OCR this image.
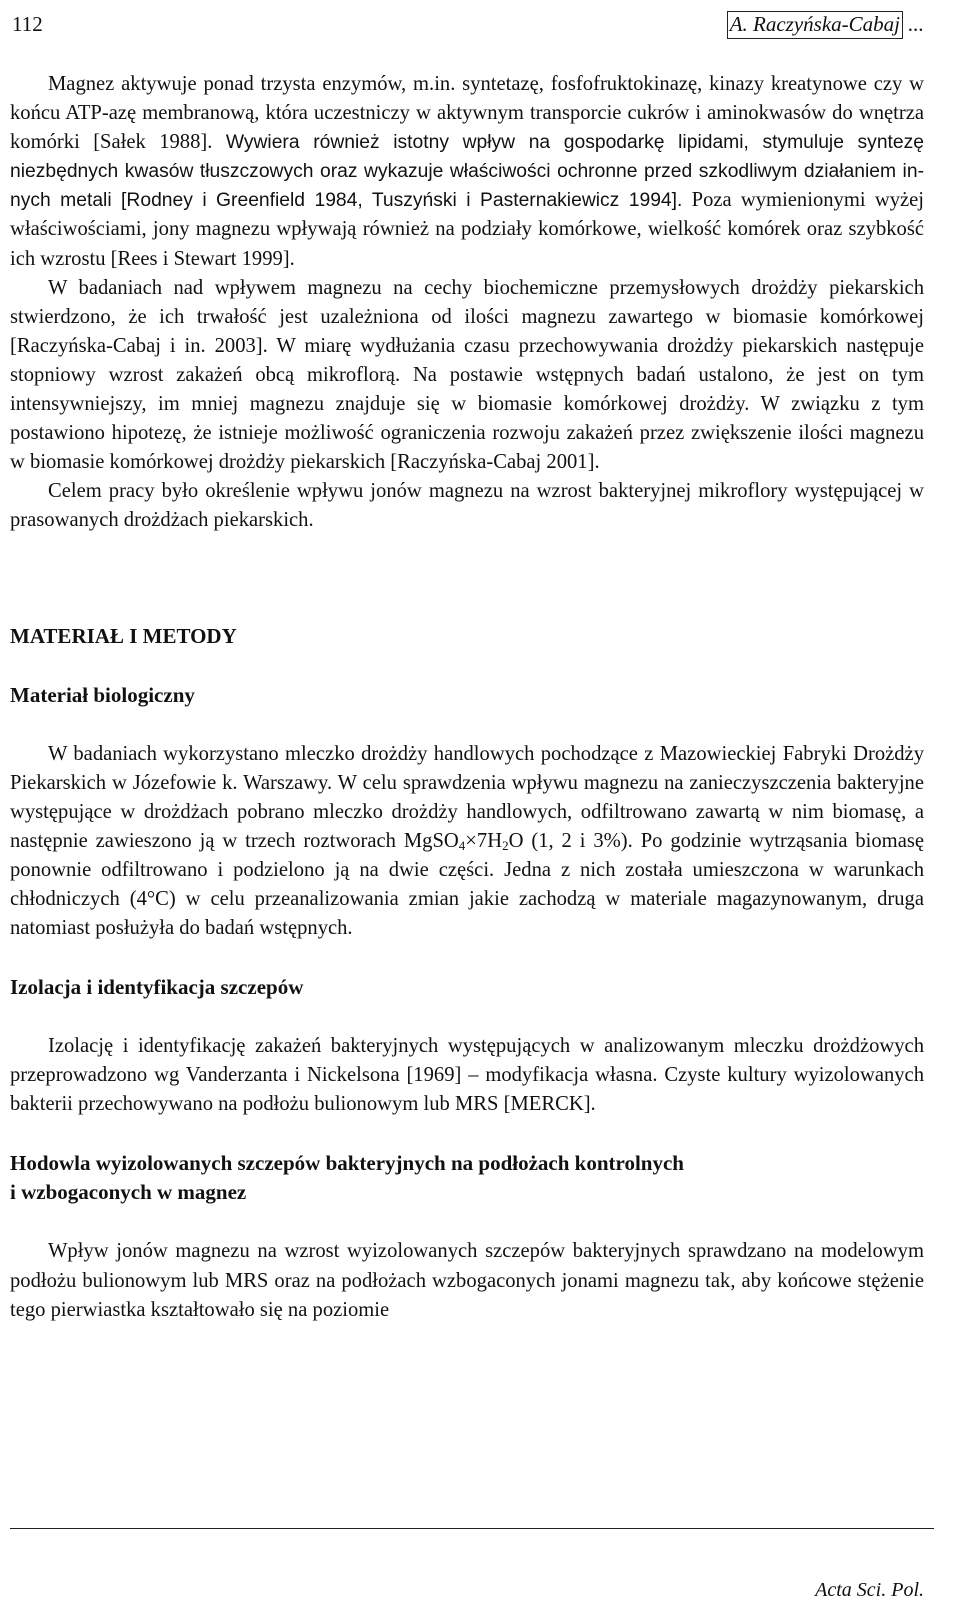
112	A. Raczyńska-Cabaj ...

Magnez aktywuje ponad trzysta enzymów, m.in. syntetazę, fosfofruktokinazę, kinazy kreatynowe czy w końcu ATP-azę membranową, która uczestniczy w aktywnym transporcie cukrów i aminokwasów do wnętrza komórki [Sałek 1988]. Wywiera również istotny wpływ na gospodarkę lipidami, stymuluje syntezę niezbędnych kwasów tłuszczowych oraz wykazuje właściwości ochronne przed szkodliwym działaniem innych metali [Rodney i Greenfield 1984, Tuszyński i Pasternakiewicz 1994]. Poza wymienionymi wyżej właściwościami, jony magnezu wpływają również na podziały komórkowe, wielkość komórek oraz szybkość ich wzrostu [Rees i Stewart 1999].

W badaniach nad wpływem magnezu na cechy biochemiczne przemysłowych drożdży piekarskich stwierdzono, że ich trwałość jest uzależniona od ilości magnezu zawartego w biomasie komórkowej [Raczyńska-Cabaj i in. 2003]. W miarę wydłużania czasu przechowywania drożdży piekarskich następuje stopniowy wzrost zakażeń obcą mikroflorą. Na postawie wstępnych badań ustalono, że jest on tym intensywniejszy, im mniej magnezu znajduje się w biomasie komórkowej drożdży. W związku z tym postawiono hipotezę, że istnieje możliwość ograniczenia rozwoju zakażeń przez zwiększenie ilości magnezu w biomasie komórkowej drożdży piekarskich [Raczyńska-Cabaj 2001].

Celem pracy było określenie wpływu jonów magnezu na wzrost bakteryjnej mikroflory występującej w prasowanych drożdżach piekarskich.

MATERIAŁ I METODY
Materiał biologiczny

W badaniach wykorzystano mleczko drożdży handlowych pochodzące z Mazowieckiej Fabryki Drożdży Piekarskich w Józefowie k. Warszawy. W celu sprawdzenia wpływu magnezu na zanieczyszczenia bakteryjne występujące w drożdżach pobrano mleczko drożdży handlowych, odfiltrowano zawartą w nim biomasę, a następnie zawieszono ją w trzech roztworach $MgSO_4\times 7H_2O$ (1, 2 i 3%). Po godzinie wytrząsania biomasę ponownie odfiltrowano i podzielono ją na dwie części. Jedna z nich została umieszczona w warunkach chłodniczych (4°C) w celu przeanalizowania zmian jakie zachodzą w materiale magazynowanym, druga natomiast posłużyła do badań wstępnych.

Izolacja i identyfikacja szczepów

Izolację i identyfikację zakażeń bakteryjnych występujących w analizowanym mleczku drożdżowych przeprowadzono wg Vanderzanta i Nickelsona [1969] – modyfikacja własna. Czyste kultury wyizolowanych bakterii przechowywano na podłożu bulionowym lub MRS [MERCK].

Hodowla wyizolowanych szczepów bakteryjnych na podłożach kontrolnych
i wzbogaconych w magnez

Wpływ jonów magnezu na wzrost wyizolowanych szczepów bakteryjnych sprawdzano na modelowym podłożu bulionowym lub MRS oraz na podłożach wzbogaconych jonami magnezu tak, aby końcowe stężenie tego pierwiastka kształtowało się na poziomie

Acta Sci. Pol.
